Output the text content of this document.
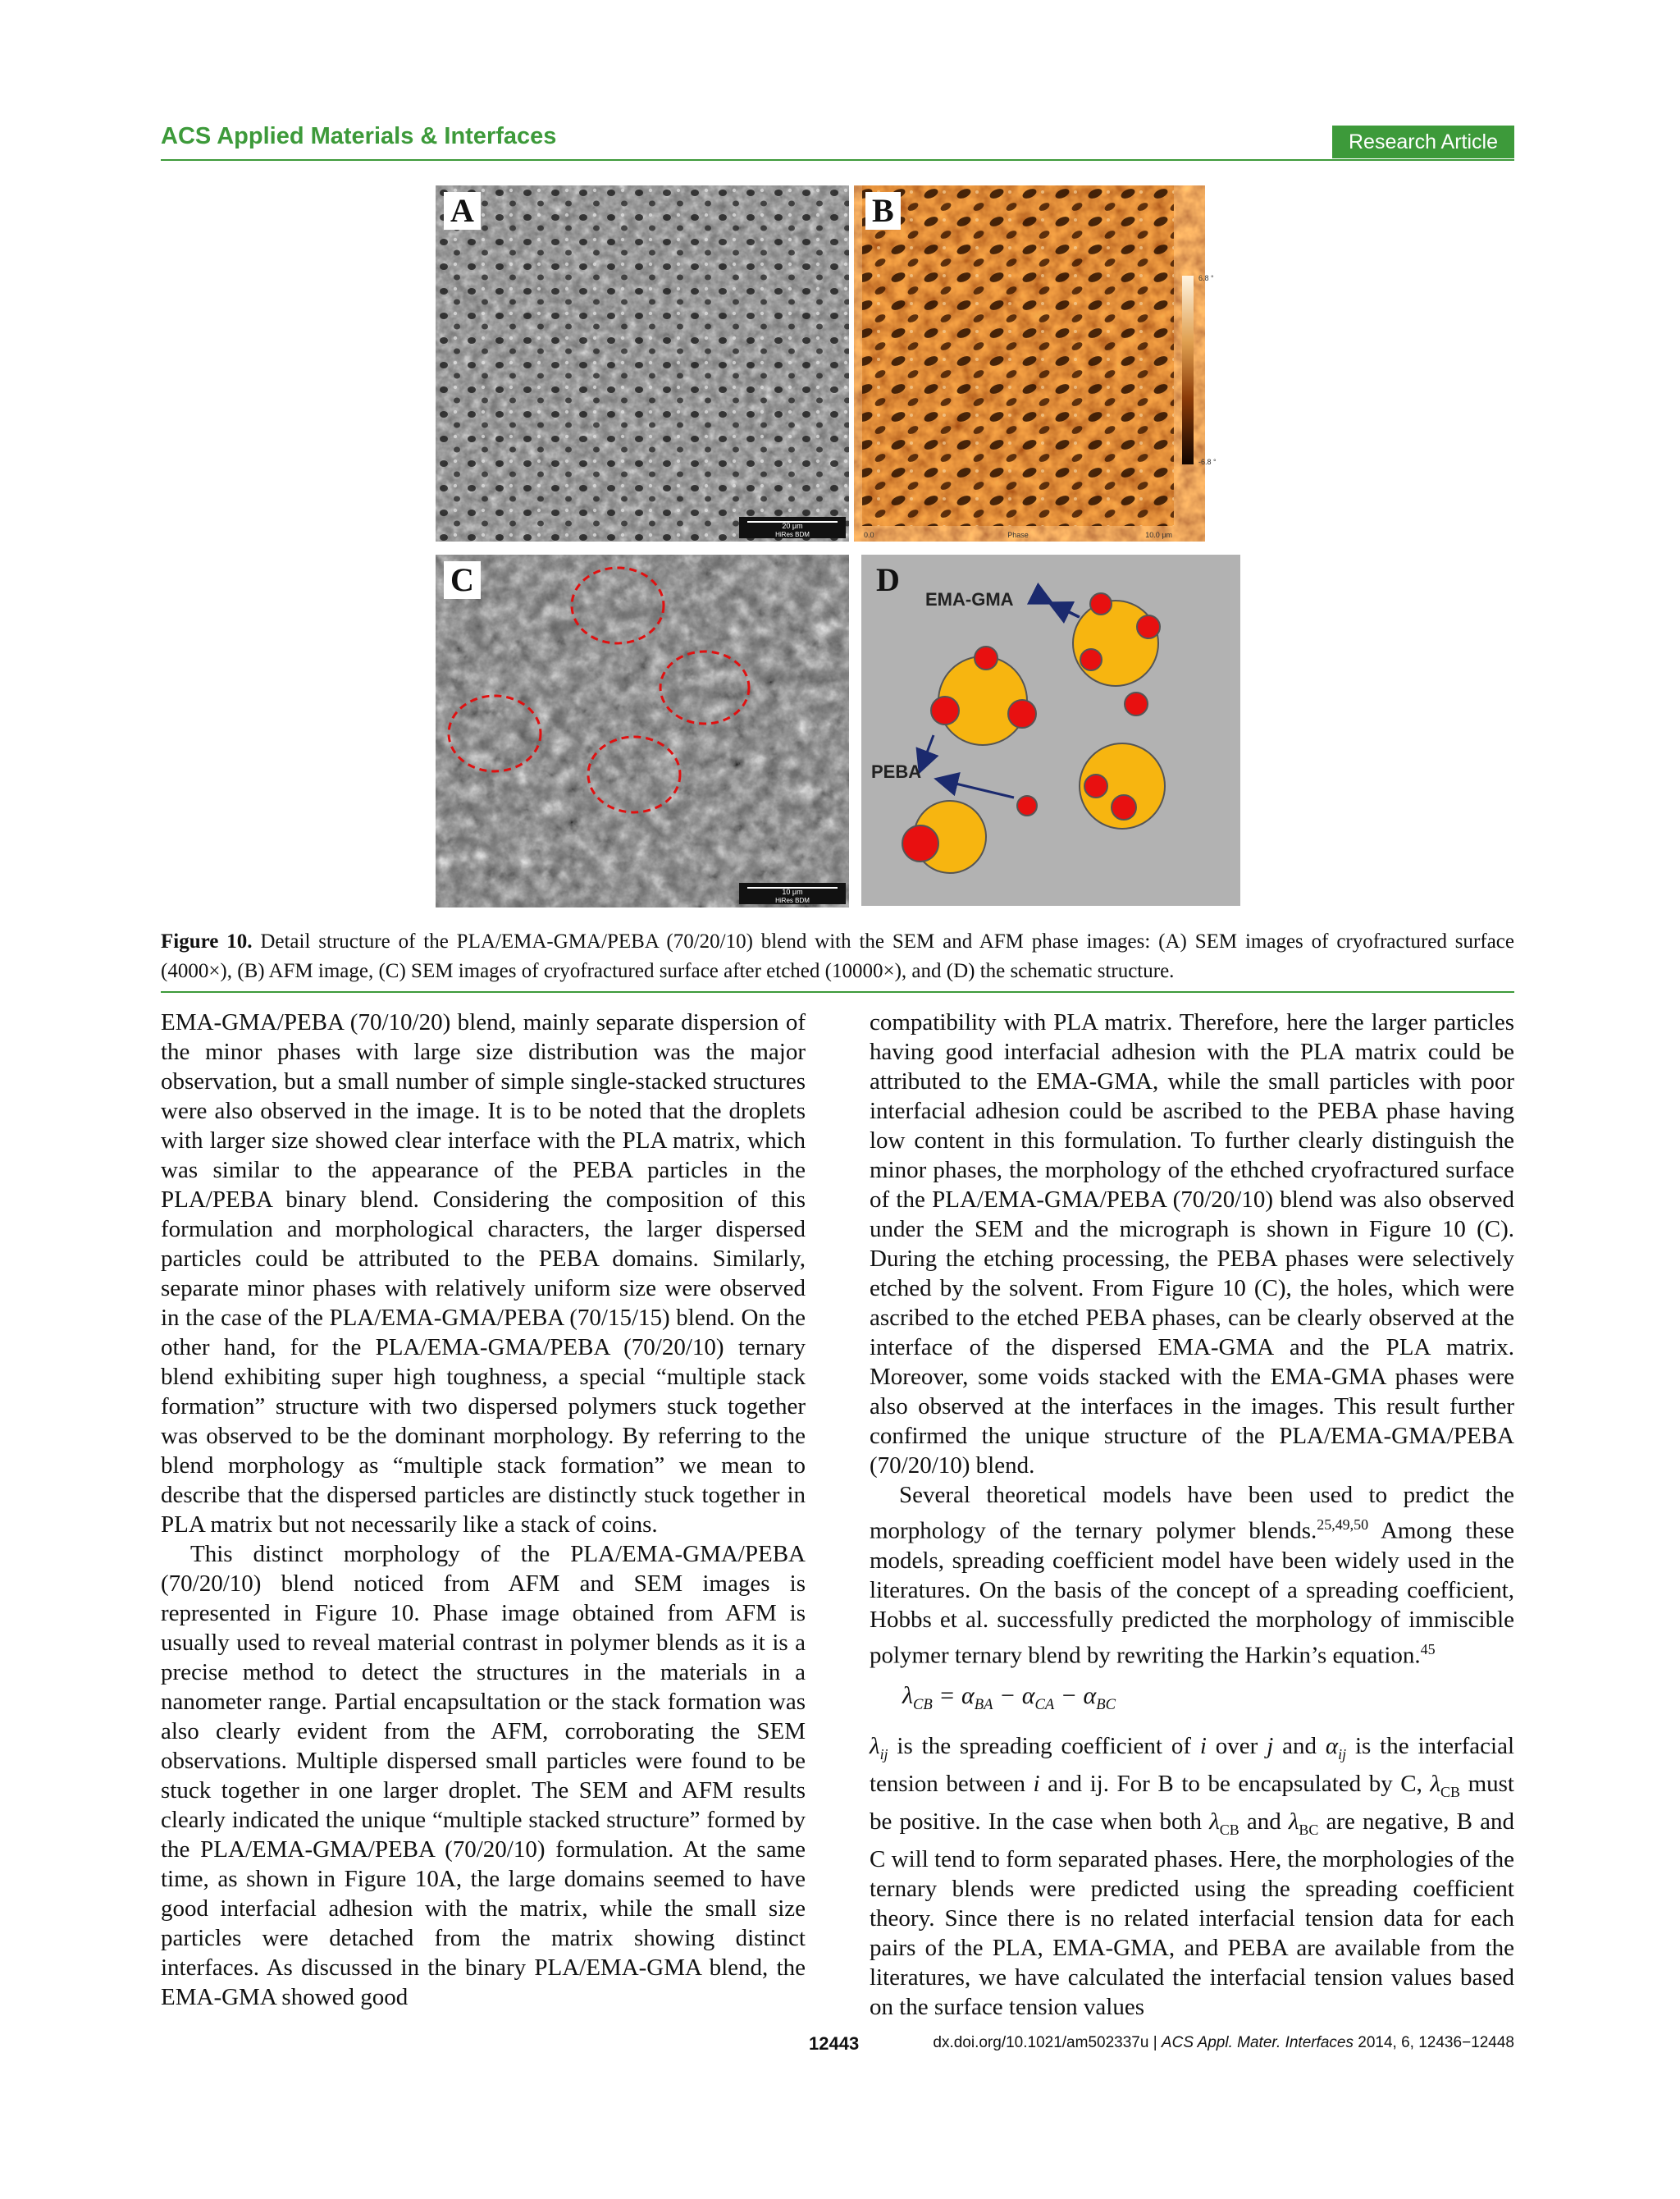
ACS Applied Materials & Interfaces	Research Article
20 μm
HiRes BDM
A
6.8 °
-6.8 °
0.0	Phase	10.0 μm
B
10 μm
HiRes BDM
C
EMA-GMA
PEBA
D
Figure 10. Detail structure of the PLA/EMA-GMA/PEBA (70/20/10) blend with the SEM and AFM phase images: (A) SEM images of cryofractured surface (4000×), (B) AFM image, (C) SEM images of cryofractured surface after etched (10000×), and (D) the schematic structure.

EMA-GMA/PEBA (70/10/20) blend, mainly separate dispersion of the minor phases with large size distribution was the major observation, but a small number of simple single-stacked structures were also observed in the image. It is to be noted that the droplets with larger size showed clear interface with the PLA matrix, which was similar to the appearance of the PEBA particles in the PLA/PEBA binary blend. Considering the composition of this formulation and morphological characters, the larger dispersed particles could be attributed to the PEBA domains. Similarly, separate minor phases with relatively uniform size were observed in the case of the PLA/EMA-GMA/PEBA (70/15/15) blend. On the other hand, for the PLA/EMA-GMA/PEBA (70/20/10) ternary blend exhibiting super high toughness, a special “multiple stack formation” structure with two dispersed polymers stuck together was observed to be the dominant morphology. By referring to the blend morphology as “multiple stack formation” we mean to describe that the dispersed particles are distinctly stuck together in PLA matrix but not necessarily like a stack of coins.

This distinct morphology of the PLA/EMA-GMA/PEBA (70/20/10) blend noticed from AFM and SEM images is represented in Figure 10. Phase image obtained from AFM is usually used to reveal material contrast in polymer blends as it is a precise method to detect the structures in the materials in a nanometer range. Partial encapsultation or the stack formation was also clearly evident from the AFM, corroborating the SEM observations. Multiple dispersed small particles were found to be stuck together in one larger droplet. The SEM and AFM results clearly indicated the unique “multiple stacked structure” formed by the PLA/EMA-GMA/PEBA (70/20/10) formulation. At the same time, as shown in Figure 10A, the large domains seemed to have good interfacial adhesion with the matrix, while the small size particles were detached from the matrix showing distinct interfaces. As discussed in the binary PLA/EMA-GMA blend, the EMA-GMA showed good

compatibility with PLA matrix. Therefore, here the larger particles having good interfacial adhesion with the PLA matrix could be attributed to the EMA-GMA, while the small particles with poor interfacial adhesion could be ascribed to the PEBA phase having low content in this formulation. To further clearly distinguish the minor phases, the morphology of the ethched cryofractured surface of the PLA/EMA-GMA/PEBA (70/20/10) blend was also observed under the SEM and the micrograph is shown in Figure 10 (C). During the etching processing, the PEBA phases were selectively etched by the solvent. From Figure 10 (C), the holes, which were ascribed to the etched PEBA phases, can be clearly observed at the interface of the dispersed EMA-GMA and the PLA matrix. Moreover, some voids stacked with the EMA-GMA phases were also observed at the interfaces in the images. This result further confirmed the unique structure of the PLA/EMA-GMA/PEBA (70/20/10) blend.

Several theoretical models have been used to predict the morphology of the ternary polymer blends.$^{25,49,50}$ Among these models, spreading coefficient model have been widely used in the literatures. On the basis of the concept of a spreading coefficient, Hobbs et al. successfully predicted the morphology of immiscible polymer ternary blend by rewriting the Harkin’s equation.$^{45}$

$\lambda_{CB} = \alpha_{BA} - \alpha_{CA} - \alpha_{BC}$

$\lambda_{ij}$ is the spreading coefficient of i over j and $\alpha_{ij}$ is the interfacial tension between i and ij. For B to be encapsulated by C, $\lambda_{CB}$ must be positive. In the case when both $\lambda_{CB}$ and $\lambda_{BC}$ are negative, B and C will tend to form separated phases. Here, the morphologies of the ternary blends were predicted using the spreading coefficient theory. Since there is no related interfacial tension data for each pairs of the PLA, EMA-GMA, and PEBA are available from the literatures, we have calculated the interfacial tension values based on the surface tension values

12443	dx.doi.org/10.1021/am502337u | ACS Appl. Mater. Interfaces 2014, 6, 12436−12448
